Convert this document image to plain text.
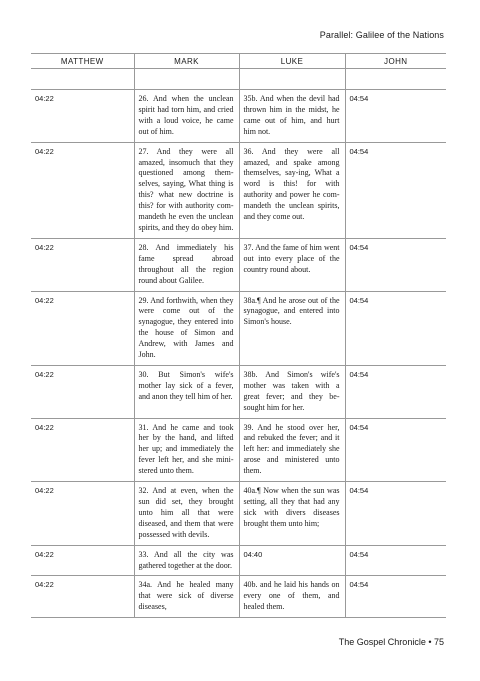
Parallel: Galilee of the Nations
MATTHEW	MARK	LUKE	JOHN

04:22	26. And when the unclean spirit had torn him, and cried with a loud voice, he came out of him.	35b. And when the devil had thrown him in the midst, he came out of him, and hurt him not.	04:54
04:22	27. And they were all amazed, insomuch that they questioned among them-selves, saying, What thing is this? what new doctrine is this? for with authority com-mandeth he even the unclean spirits, and they do obey him.	36. And they were all amazed, and spake among themselves, say-ing, What a word is this! for with authority and power he com-mandeth the unclean spirits, and they come out.	04:54
04:22	28. And immediately his fame spread abroad throughout all the region round about Galilee.	37. And the fame of him went out into every place of the country round about.	04:54
04:22	29. And forthwith, when they were come out of the synagogue, they entered into the house of Simon and Andrew, with James and John.	38a.¶ And he arose out of the synagogue, and entered into Simon's house.	04:54
04:22	30. But Simon's wife's mother lay sick of a fever, and anon they tell him of her.	38b. And Simon's wife's mother was taken with a great fever; and they be-sought him for her.	04:54
04:22	31. And he came and took her by the hand, and lifted her up; and immediately the fever left her, and she mini-stered unto them.	39. And he stood over her, and rebuked the fever; and it left her: and immediately she arose and ministered unto them.	04:54
04:22	32. And at even, when the sun did set, they brought unto him all that were diseased, and them that were possessed with devils.	40a.¶ Now when the sun was setting, all they that had any sick with divers diseases brought them unto him;	04:54
04:22	33. And all the city was gathered together at the door.	04:40	04:54
04:22	34a. And he healed many that were sick of diverse diseases,	40b. and he laid his hands on every one of them, and healed them.	04:54
The Gospel Chronicle • 75
